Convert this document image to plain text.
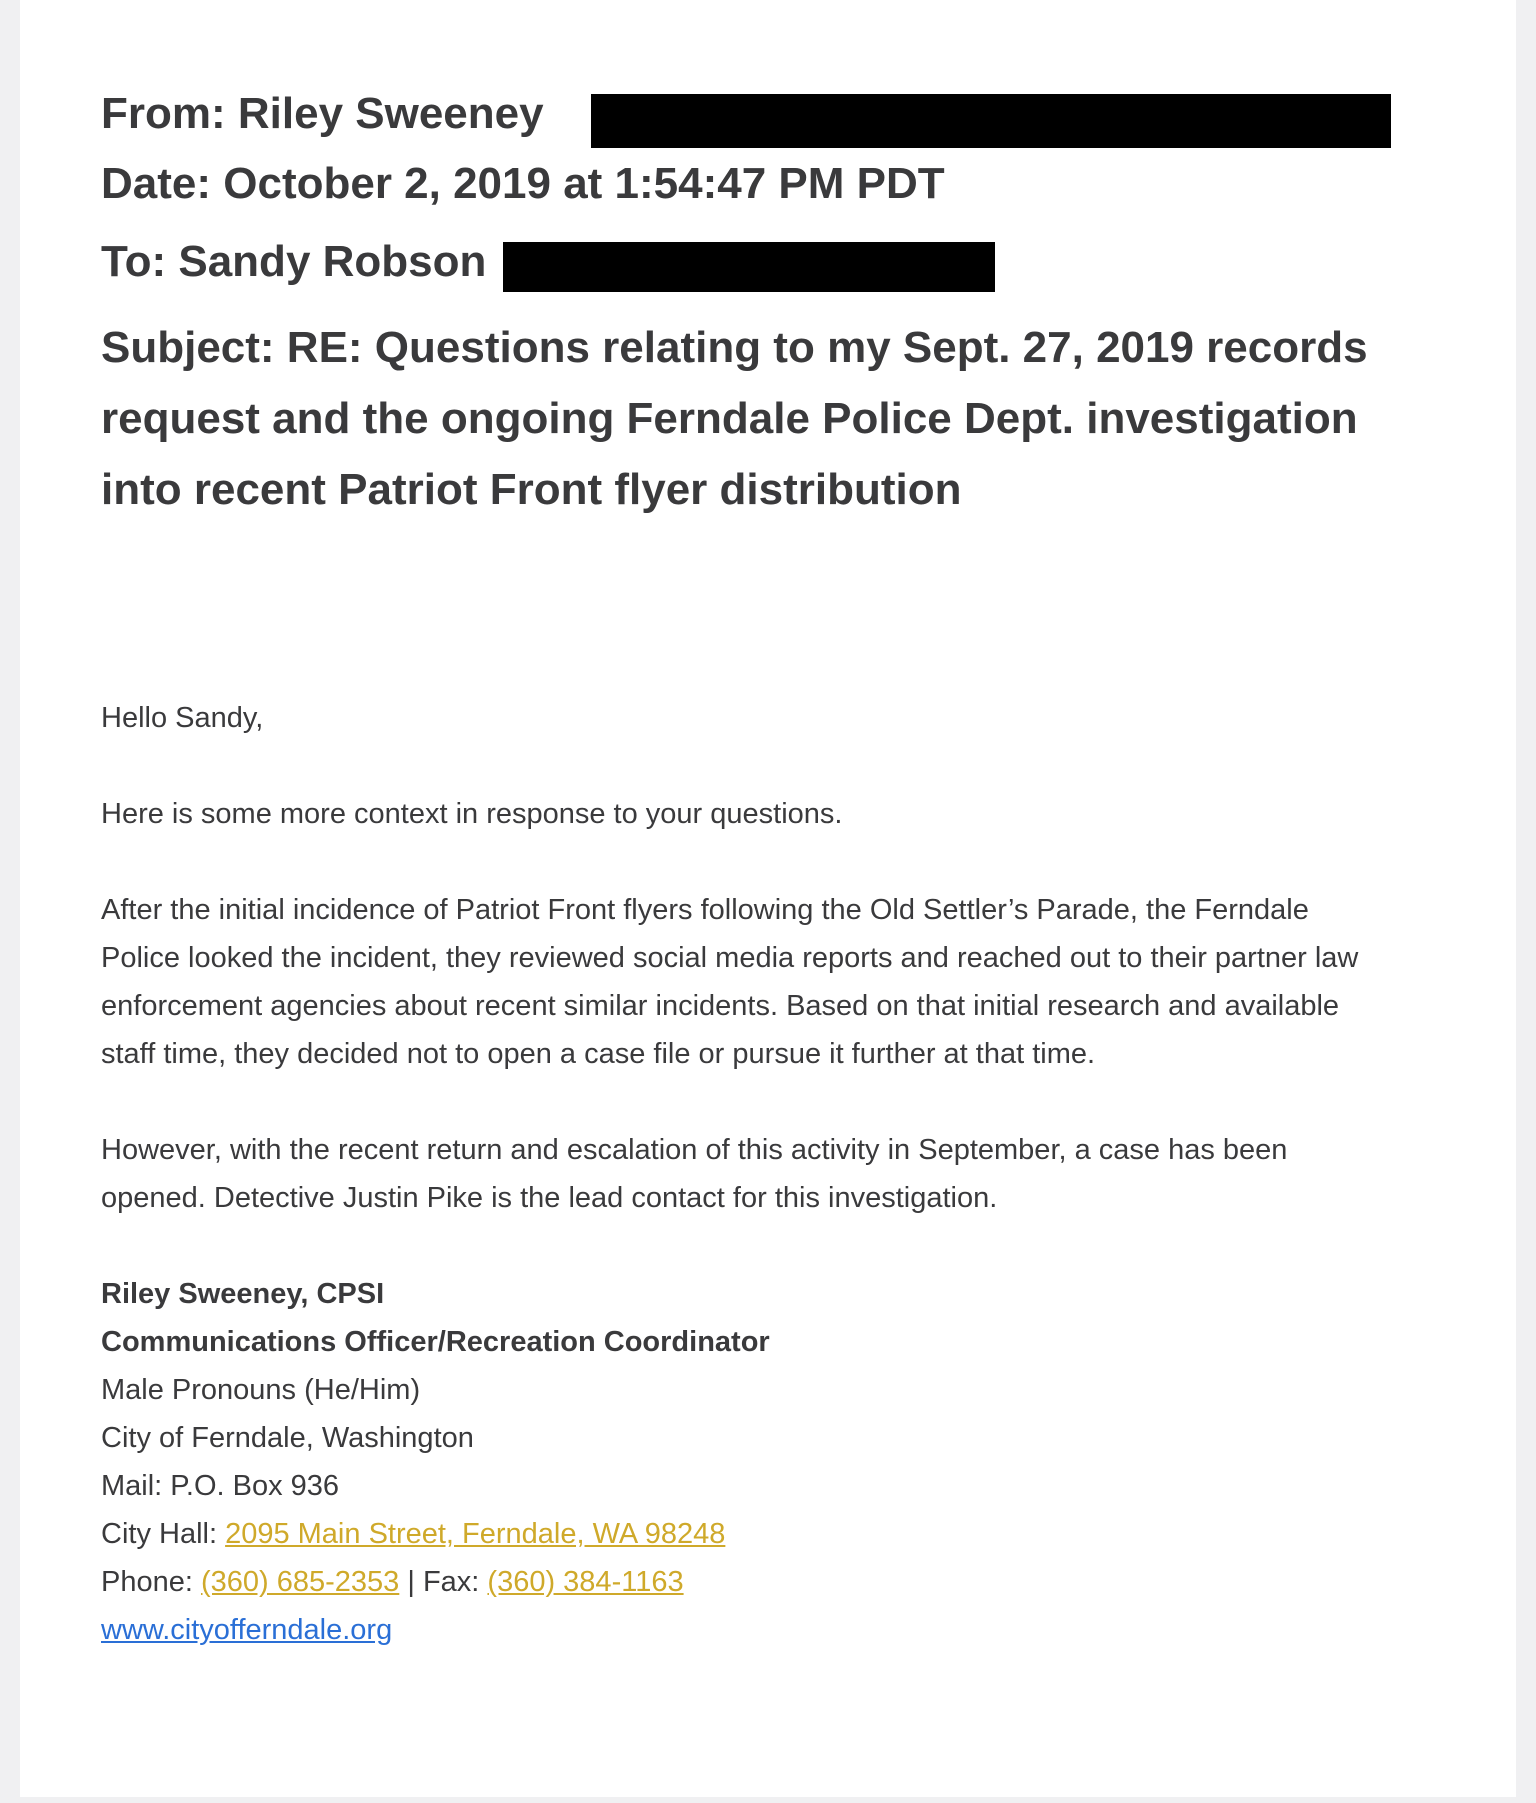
From: Riley Sweeney
Date: October 2, 2019 at 1:54:47 PM PDT
To: Sandy Robson
Subject: RE: Questions relating to my Sept. 27, 2019 records request and the ongoing Ferndale Police Dept. investigation into recent Patriot Front flyer distribution

Hello Sandy,

Here is some more context in response to your questions.

After the initial incidence of Patriot Front flyers following the Old Settler’s Parade, the Ferndale Police looked the incident, they reviewed social media reports and reached out to their partner law enforcement agencies about recent similar incidents. Based on that initial research and available staff time, they decided not to open a case file or pursue it further at that time.

However, with the recent return and escalation of this activity in September, a case has been opened. Detective Justin Pike is the lead contact for this investigation.

Riley Sweeney, CPSI

Communications Officer/Recreation Coordinator

Male Pronouns (He/Him)

City of Ferndale, Washington

Mail: P.O. Box 936

City Hall: 2095 Main Street, Ferndale, WA 98248

Phone: (360) 685-2353 | Fax: (360) 384-1163

www.cityofferndale.org
